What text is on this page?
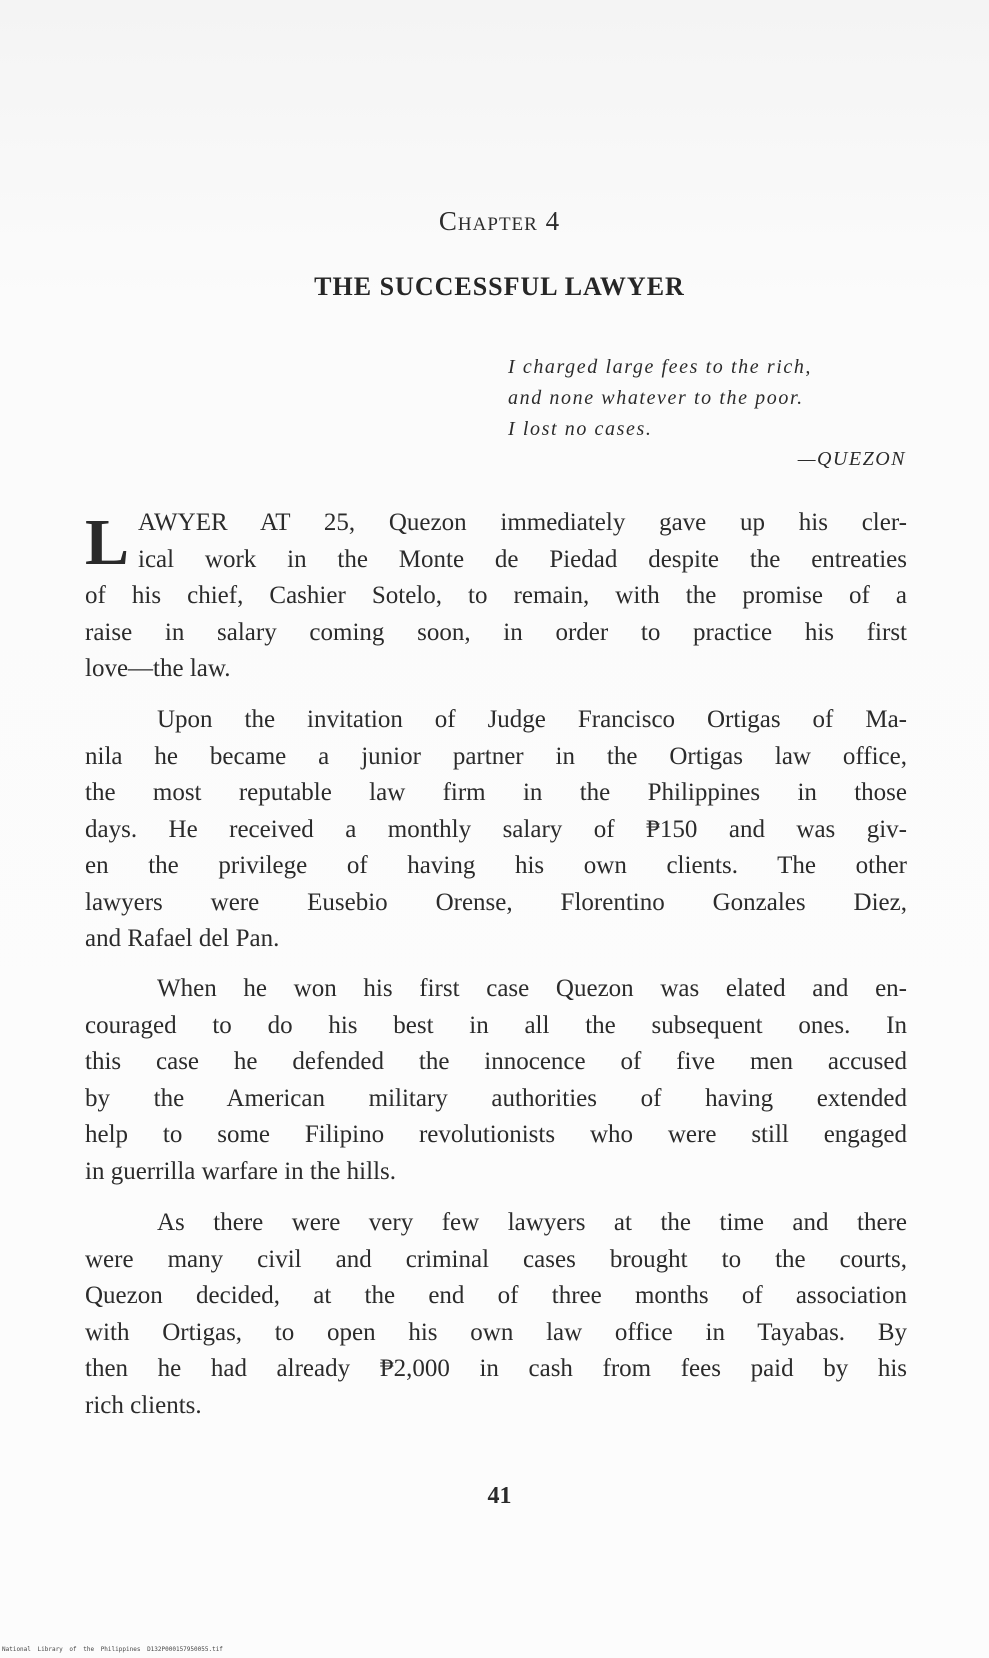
Chapter 4
THE SUCCESSFUL LAWYER
I charged large fees to the rich,
and none whatever to the poor.
I lost no cases.
—QUEZON
L AWYER AT 25, Quezon immediately gave up his cler-
ical work in the Monte de Piedad despite the entreaties
of his chief, Cashier Sotelo, to remain, with the promise of a
raise in salary coming soon, in order to practice his first
love—the law.
Upon the invitation of Judge Francisco Ortigas of Ma-
nila he became a junior partner in the Ortigas law office,
the most reputable law firm in the Philippines in those
days. He received a monthly salary of ₱150 and was giv-
en the privilege of having his own clients. The other
lawyers were Eusebio Orense, Florentino Gonzales Diez,
and Rafael del Pan.
When he won his first case Quezon was elated and en-
couraged to do his best in all the subsequent ones. In
this case he defended the innocence of five men accused
by the American military authorities of having extended
help to some Filipino revolutionists who were still engaged
in guerrilla warfare in the hills.
As there were very few lawyers at the time and there
were many civil and criminal cases brought to the courts,
Quezon decided, at the end of three months of association
with Ortigas, to open his own law office in Tayabas. By
then he had already ₱2,000 in cash from fees paid by his
rich clients.
41
National Library of the Philippines D132P000157950055.tif
